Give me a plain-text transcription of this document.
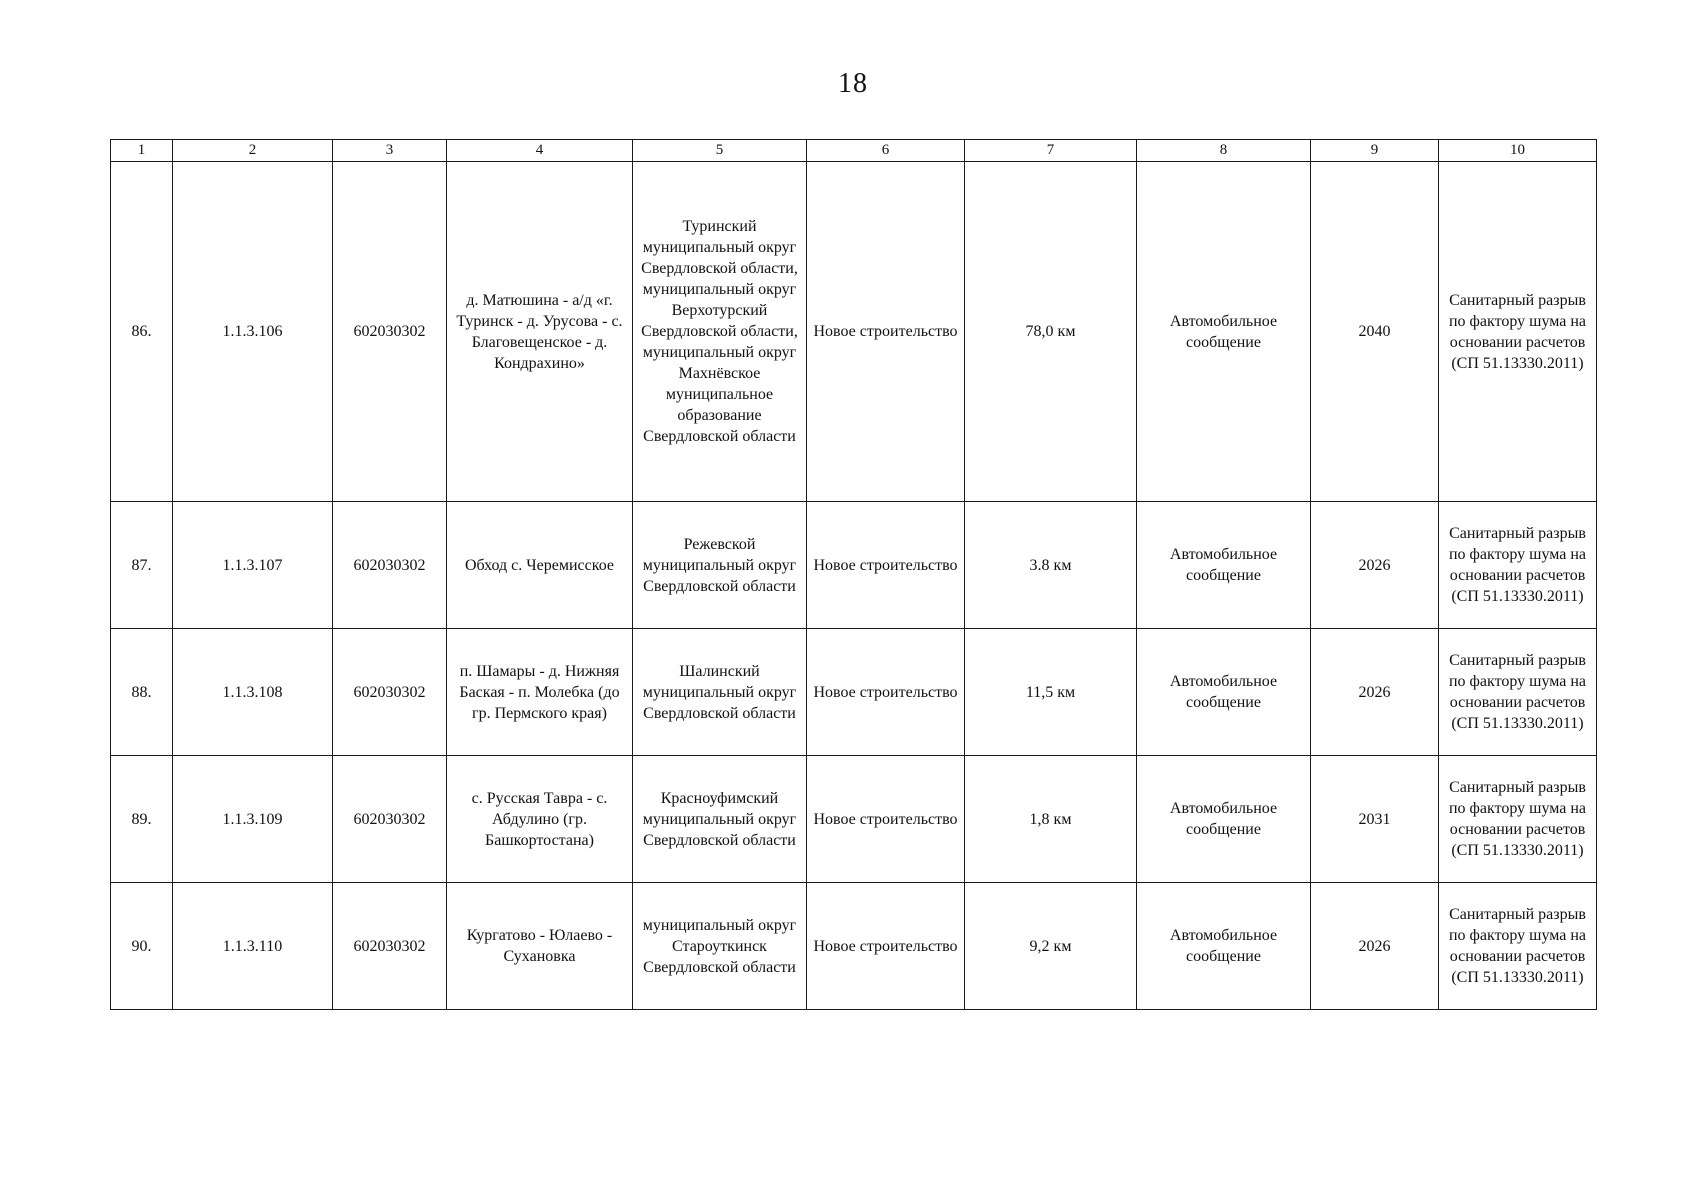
18
1	2	3	4	5	6	7	8	9	10
86.	1.1.3.106	602030302	д. Матюшина - а/д «г. Туринск - д. Урусова - с. Благовещенское - д. Кондрахино»	Туринский муниципальный округ Свердловской области, муниципальный округ Верхотурский Свердловской области, муниципальный округ Махнёвское муниципальное образование Свердловской области	Новое строительство	78,0 км	Автомобильное сообщение	2040	Санитарный разрыв по фактору шума на основании расчетов (СП 51.13330.2011)
87.	1.1.3.107	602030302	Обход с. Черемисское	Режевской муниципальный округ Свердловской области	Новое строительство	3.8 км	Автомобильное сообщение	2026	Санитарный разрыв по фактору шума на основании расчетов (СП 51.13330.2011)
88.	1.1.3.108	602030302	п. Шамары - д. Нижняя Баская - п. Молебка (до гр. Пермского края)	Шалинский муниципальный округ Свердловской области	Новое строительство	11,5 км	Автомобильное сообщение	2026	Санитарный разрыв по фактору шума на основании расчетов (СП 51.13330.2011)
89.	1.1.3.109	602030302	с. Русская Тавра - с. Абдулино (гр. Башкортостана)	Красноуфимский муниципальный округ Свердловской области	Новое строительство	1,8 км	Автомобильное сообщение	2031	Санитарный разрыв по фактору шума на основании расчетов (СП 51.13330.2011)
90.	1.1.3.110	602030302	Кургатово - Юлаево - Сухановка	муниципальный округ Староуткинск Свердловской области	Новое строительство	9,2 км	Автомобильное сообщение	2026	Санитарный разрыв по фактору шума на основании расчетов (СП 51.13330.2011)
